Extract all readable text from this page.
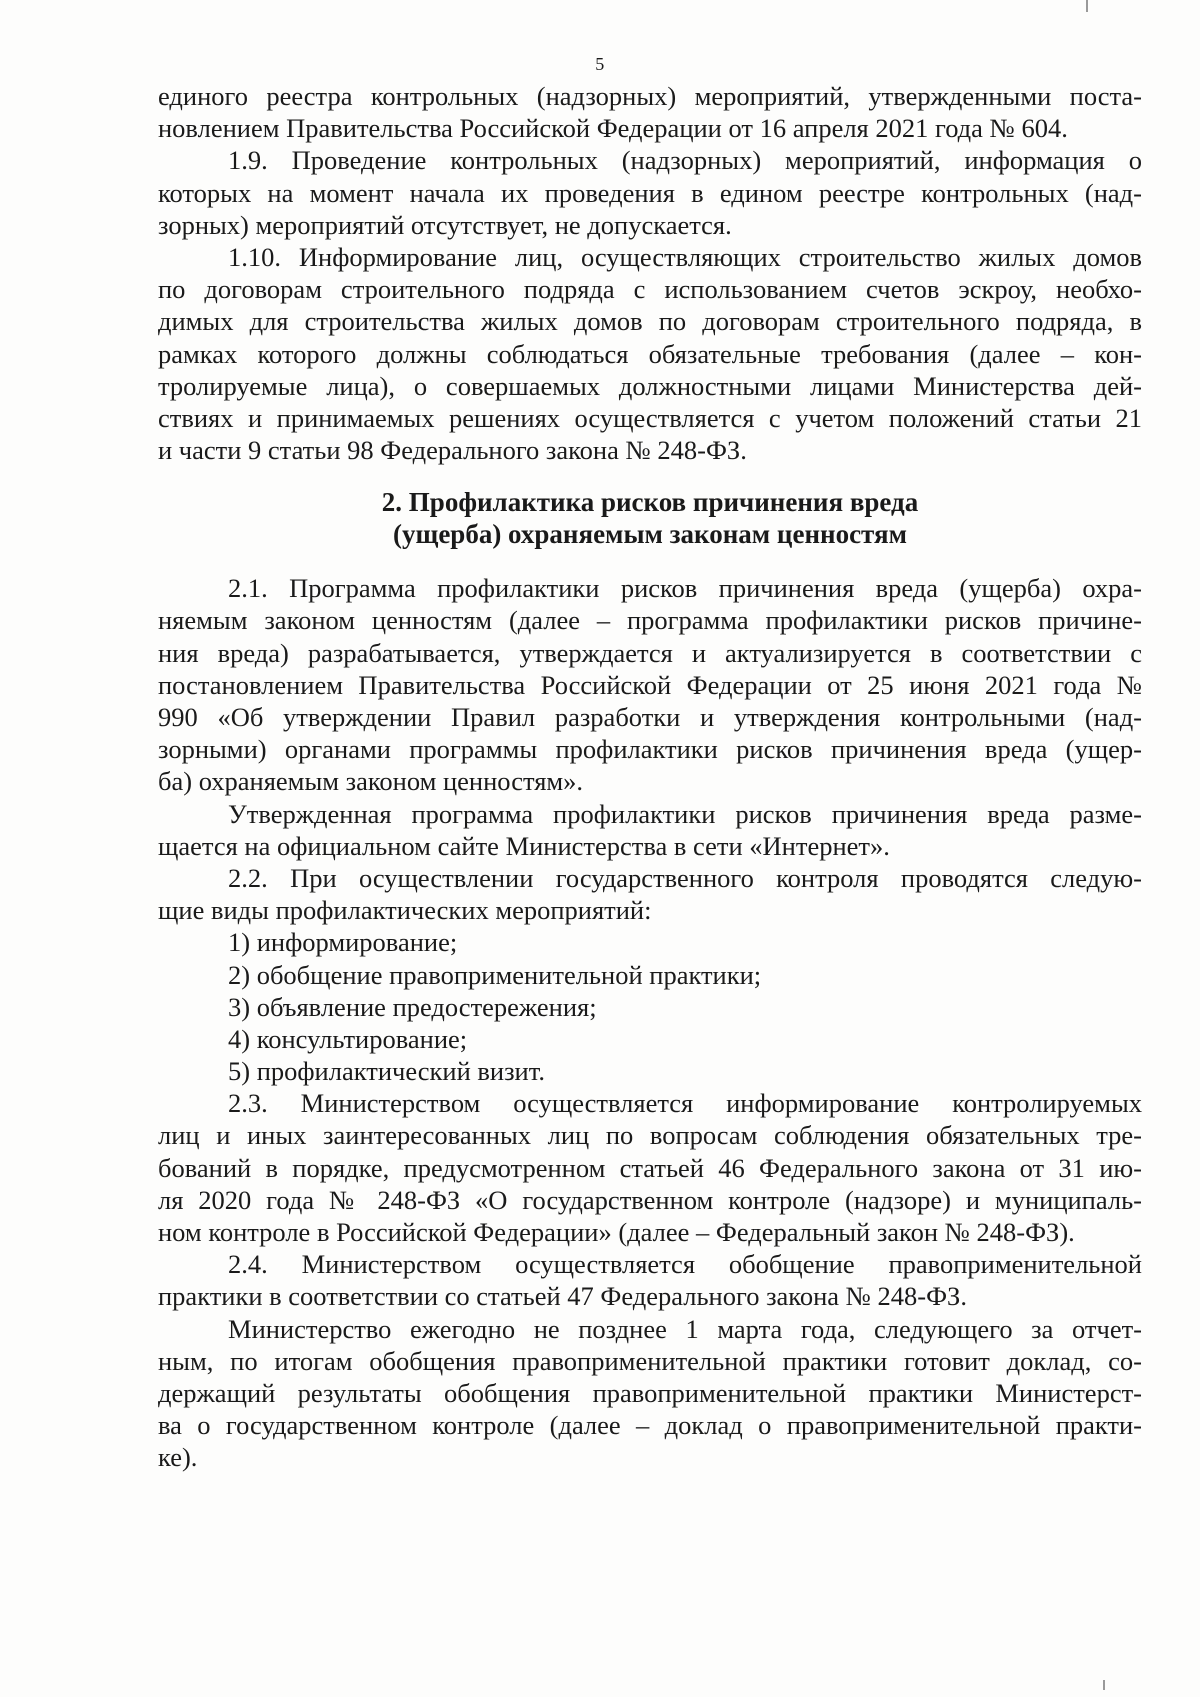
5
единого реестра контрольных (надзорных) мероприятий, утвержденными поста-
новлением Правительства Российской Федерации от 16 апреля 2021 года № 604.
1.9. Проведение контрольных (надзорных) мероприятий, информация о
которых на момент начала их проведения в едином реестре контрольных (над-
зорных) мероприятий отсутствует, не допускается.
1.10. Информирование лиц, осуществляющих строительство жилых домов
по договорам строительного подряда с использованием счетов эскроу, необхо-
димых для строительства жилых домов по договорам строительного подряда, в
рамках которого должны соблюдаться обязательные требования (далее – кон-
тролируемые лица), о совершаемых должностными лицами Министерства дей-
ствиях и принимаемых решениях осуществляется с учетом положений статьи 21
и части 9 статьи 98 Федерального закона № 248-ФЗ.
2. Профилактика рисков причинения вреда
(ущерба) охраняемым законам ценностям
2.1. Программа профилактики рисков причинения вреда (ущерба) охра-
няемым законом ценностям (далее – программа профилактики рисков причине-
ния вреда) разрабатывается, утверждается и актуализируется в соответствии с
постановлением Правительства Российской Федерации от 25 июня 2021 года №
990 «Об утверждении Правил разработки и утверждения контрольными (над-
зорными) органами программы профилактики рисков причинения вреда (ущер-
ба) охраняемым законом ценностям».
Утвержденная программа профилактики рисков причинения вреда разме-
щается на официальном сайте Министерства в сети «Интернет».
2.2. При осуществлении государственного контроля проводятся следую-
щие виды профилактических мероприятий:
1) информирование;
2) обобщение правоприменительной практики;
3) объявление предостережения;
4) консультирование;
5) профилактический визит.
2.3. Министерством осуществляется информирование контролируемых
лиц и иных заинтересованных лиц по вопросам соблюдения обязательных тре-
бований в порядке, предусмотренном статьей 46 Федерального закона от 31 ию-
ля 2020 года № 248-ФЗ «О государственном контроле (надзоре) и муниципаль-
ном контроле в Российской Федерации» (далее – Федеральный закон № 248-ФЗ).
2.4. Министерством осуществляется обобщение правоприменительной
практики в соответствии со статьей 47 Федерального закона № 248-ФЗ.
Министерство ежегодно не позднее 1 марта года, следующего за отчет-
ным, по итогам обобщения правоприменительной практики готовит доклад, со-
держащий результаты обобщения правоприменительной практики Министерст-
ва о государственном контроле (далее – доклад о правоприменительной практи-
ке).
